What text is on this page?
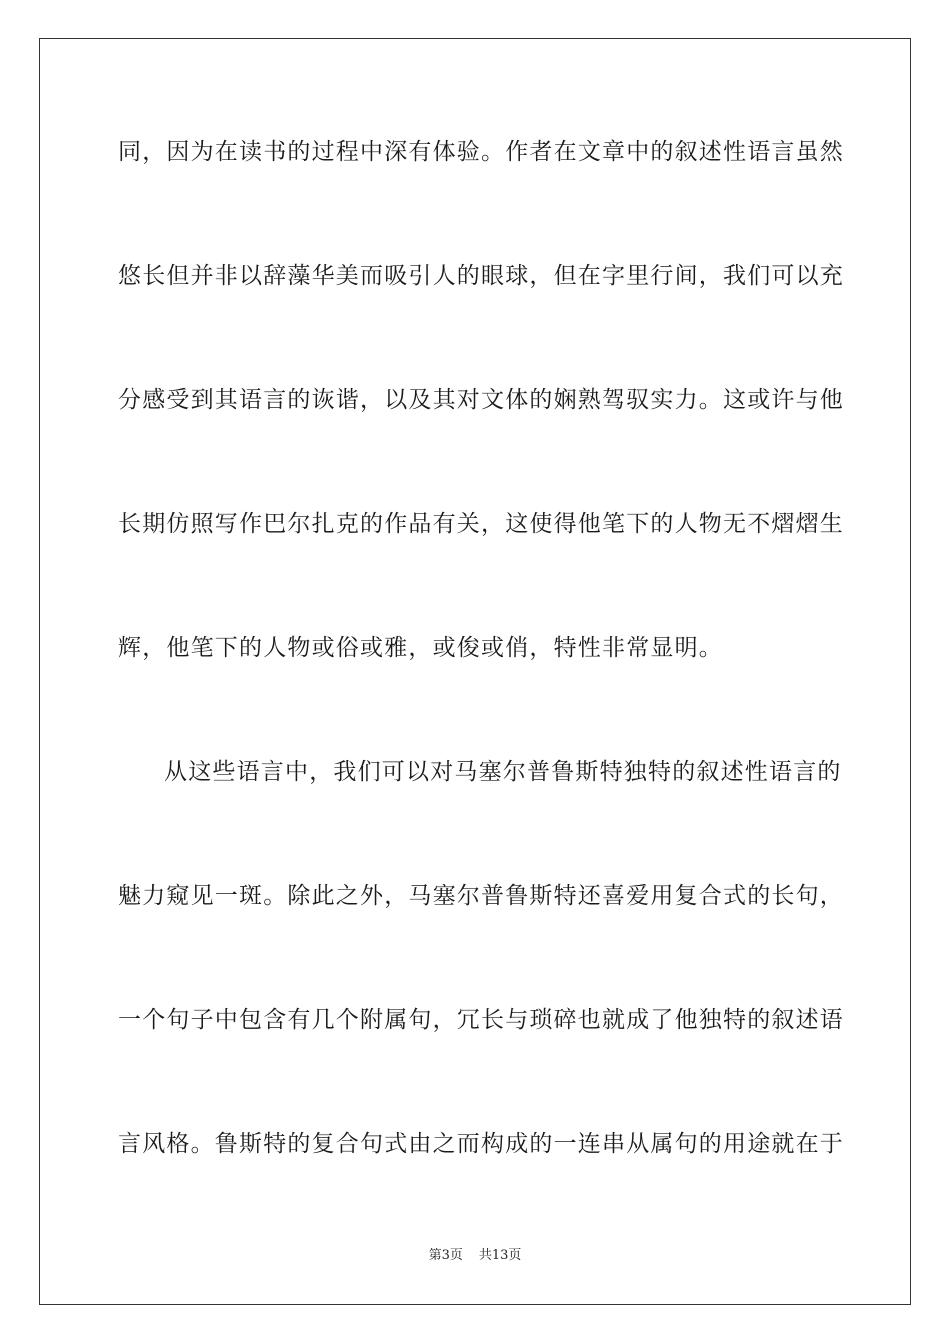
同，因为在读书的过程中深有体验。作者在文章中的叙述性语言虽然
悠长但并非以辞藻华美而吸引人的眼球，但在字里行间，我们可以充
分感受到其语言的诙谐，以及其对文体的娴熟驾驭实力。这或许与他
长期仿照写作巴尔扎克的作品有关，这使得他笔下的人物无不熠熠生
辉，他笔下的人物或俗或雅，或俊或俏，特性非常显明。
从这些语言中，我们可以对马塞尔普鲁斯特独特的叙述性语言的
魅力窥见一斑。除此之外，马塞尔普鲁斯特还喜爱用复合式的长句，
一个句子中包含有几个附属句，冗长与琐碎也就成了他独特的叙述语
言风格。鲁斯特的复合句式由之而构成的一连串从属句的用途就在于
第3页 共13页
